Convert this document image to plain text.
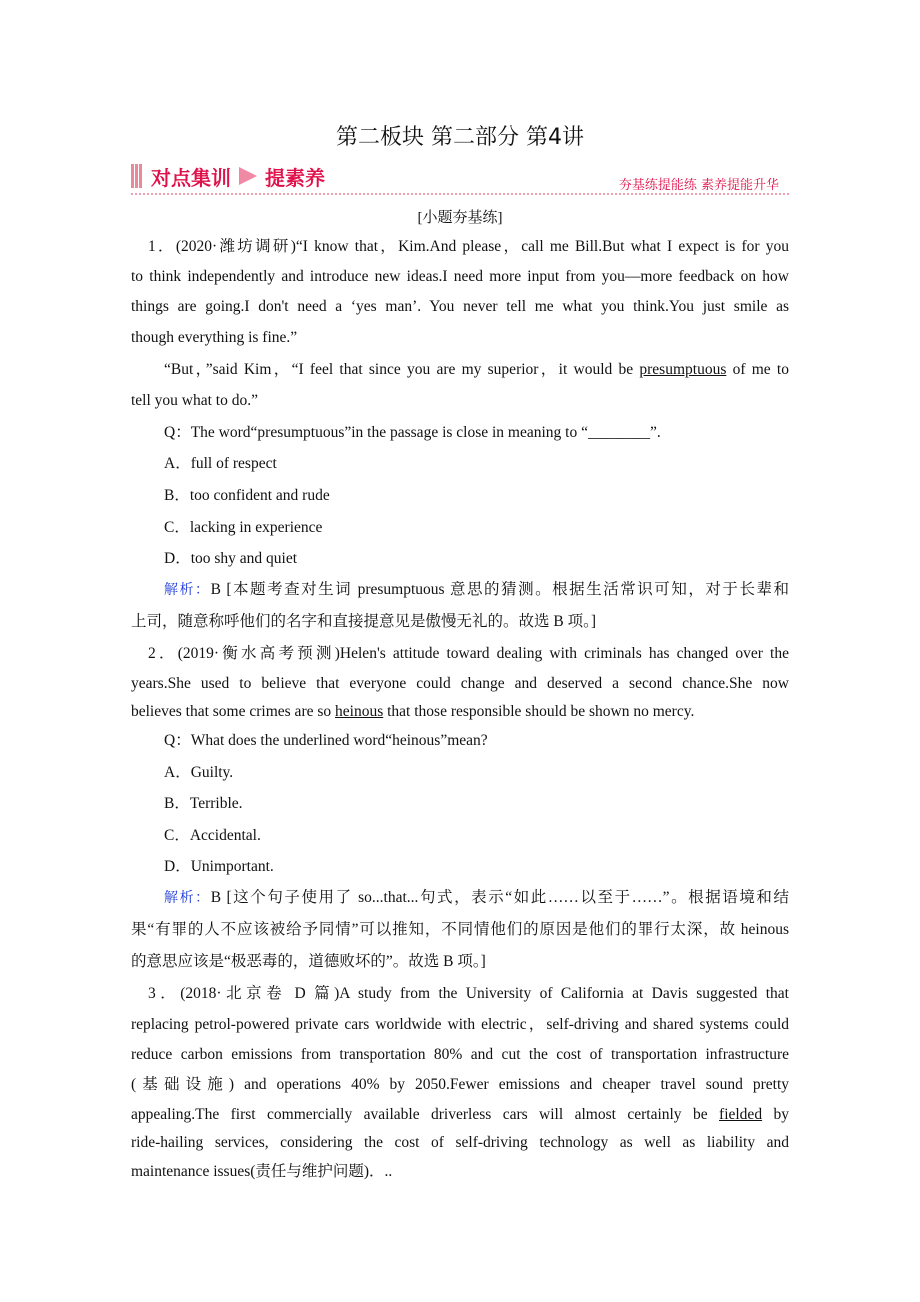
第二板块 第二部分 第4讲
对点集训 提素养	夯基练提能练 素养提能升华
[小题夯基练]
1．(2020·潍坊调研)“I know that，Kim.And please，call me Bill.But what I expect is for you
to think independently and introduce new ideas.I need more input from you—more feedback on how
things are going.I don't need a ‘yes man’. You never tell me what you think.You just smile as
though everything is fine.”
“But，”said Kim，“I feel that since you are my superior，it would be presumptuous of me to
tell you what to do.”
Q：The word“presumptuous”in the passage is close in meaning to “________”.
A．full of respect
B．too confident and rude
C．lacking in experience
D．too shy and quiet
解析：B [本题考查对生词 presumptuous 意思的猜测。根据生活常识可知，对于长辈和
上司，随意称呼他们的名字和直接提意见是傲慢无礼的。故选 B 项。]
2．(2019·衡水高考预测)Helen's attitude toward dealing with criminals has changed over the
years.She used to believe that everyone could change and deserved a second chance.She now
believes that some crimes are so heinous that those responsible should be shown no mercy.
Q：What does the underlined word“heinous”mean?
A．Guilty.
B．Terrible.
C．Accidental.
D．Unimportant.
解析：B [这个句子使用了 so...that...句式，表示“如此……以至于……”。根据语境和结
果“有罪的人不应该被给予同情”可以推知，不同情他们的原因是他们的罪行太深，故 heinous
的意思应该是“极恶毒的，道德败坏的”。故选 B 项。]
3．(2018·北京卷 D 篇)A study from the University of California at Davis suggested that
replacing petrol-powered private cars worldwide with electric，self-driving and shared systems could
reduce carbon emissions from transportation 80% and cut the cost of transportation infrastructure
(基础设施) and operations 40% by 2050.Fewer emissions and cheaper travel sound pretty
appealing.The first commercially available driverless cars will almost certainly be fielded by
ride-hailing services, considering the cost of self-driving technology as well as liability and
maintenance issues(责任与维护问题)．..
